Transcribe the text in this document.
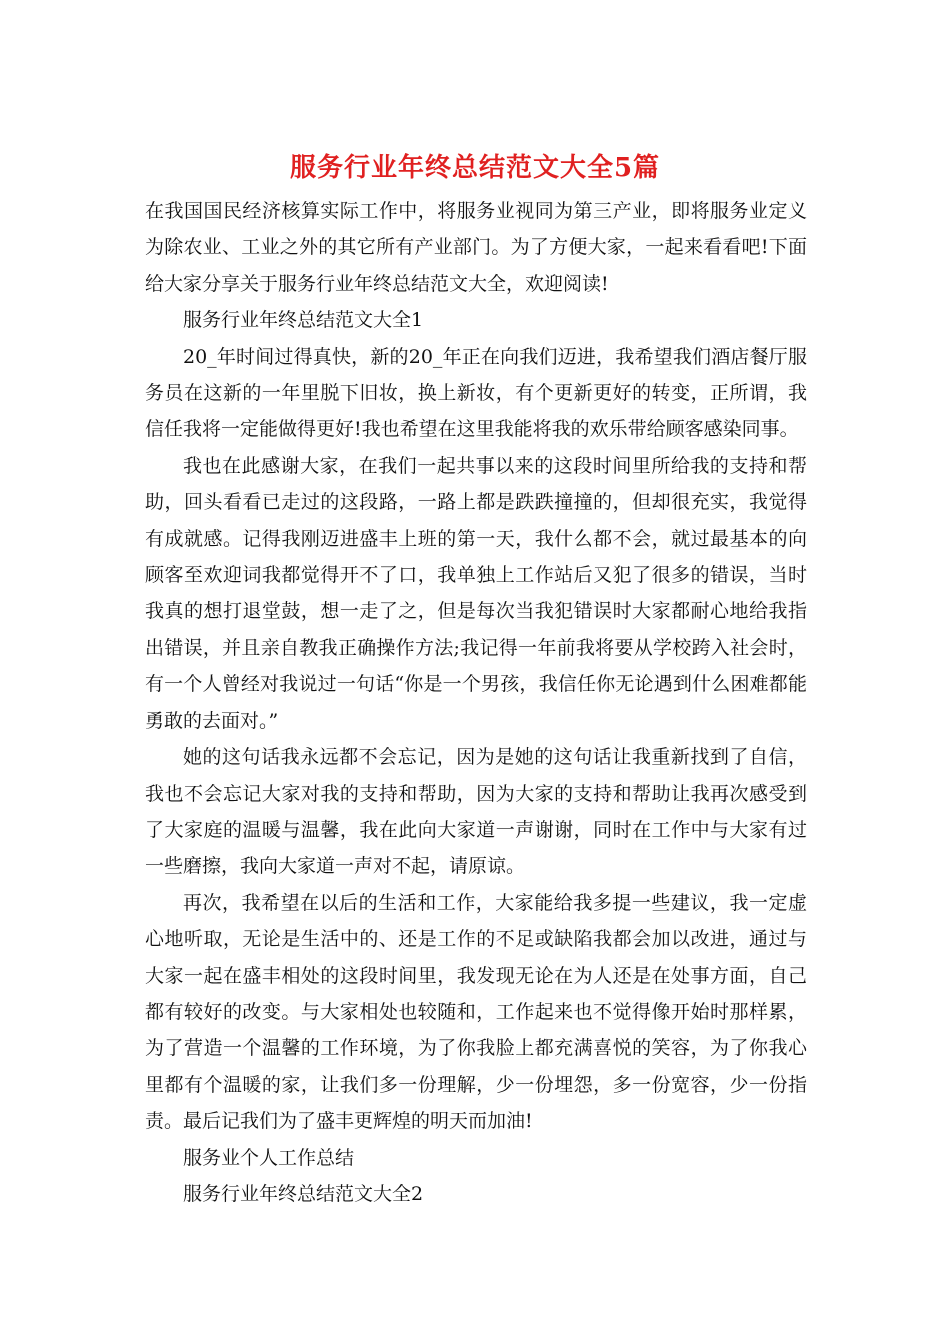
服务行业年终总结范文大全5篇

在我国国民经济核算实际工作中，将服务业视同为第三产业，即将服务业定义为除农业、工业之外的其它所有产业部门。为了方便大家，一起来看看吧!下面给大家分享关于服务行业年终总结范文大全，欢迎阅读!

服务行业年终总结范文大全1

20_年时间过得真快，新的20_年正在向我们迈进，我希望我们酒店餐厅服务员在这新的一年里脱下旧妆，换上新妆，有个更新更好的转变，正所谓，我信任我将一定能做得更好!我也希望在这里我能将我的欢乐带给顾客感染同事。

我也在此感谢大家，在我们一起共事以来的这段时间里所给我的支持和帮助，回头看看已走过的这段路，一路上都是跌跌撞撞的，但却很充实，我觉得有成就感。记得我刚迈进盛丰上班的第一天，我什么都不会，就过最基本的向顾客至欢迎词我都觉得开不了口，我单独上工作站后又犯了很多的错误，当时我真的想打退堂鼓，想一走了之，但是每次当我犯错误时大家都耐心地给我指出错误，并且亲自教我正确操作方法;我记得一年前我将要从学校跨入社会时，有一个人曾经对我说过一句话“你是一个男孩，我信任你无论遇到什么困难都能勇敢的去面对。”

她的这句话我永远都不会忘记，因为是她的这句话让我重新找到了自信，我也不会忘记大家对我的支持和帮助，因为大家的支持和帮助让我再次感受到了大家庭的温暖与温馨，我在此向大家道一声谢谢，同时在工作中与大家有过一些磨擦，我向大家道一声对不起，请原谅。

再次，我希望在以后的生活和工作，大家能给我多提一些建议，我一定虚心地听取，无论是生活中的、还是工作的不足或缺陷我都会加以改进，通过与大家一起在盛丰相处的这段时间里，我发现无论在为人还是在处事方面，自己都有较好的改变。与大家相处也较随和，工作起来也不觉得像开始时那样累，为了营造一个温馨的工作环境，为了你我脸上都充满喜悦的笑容，为了你我心里都有个温暖的家，让我们多一份理解，少一份埋怨，多一份宽容，少一份指责。最后记我们为了盛丰更辉煌的明天而加油!

服务业个人工作总结

服务行业年终总结范文大全2
